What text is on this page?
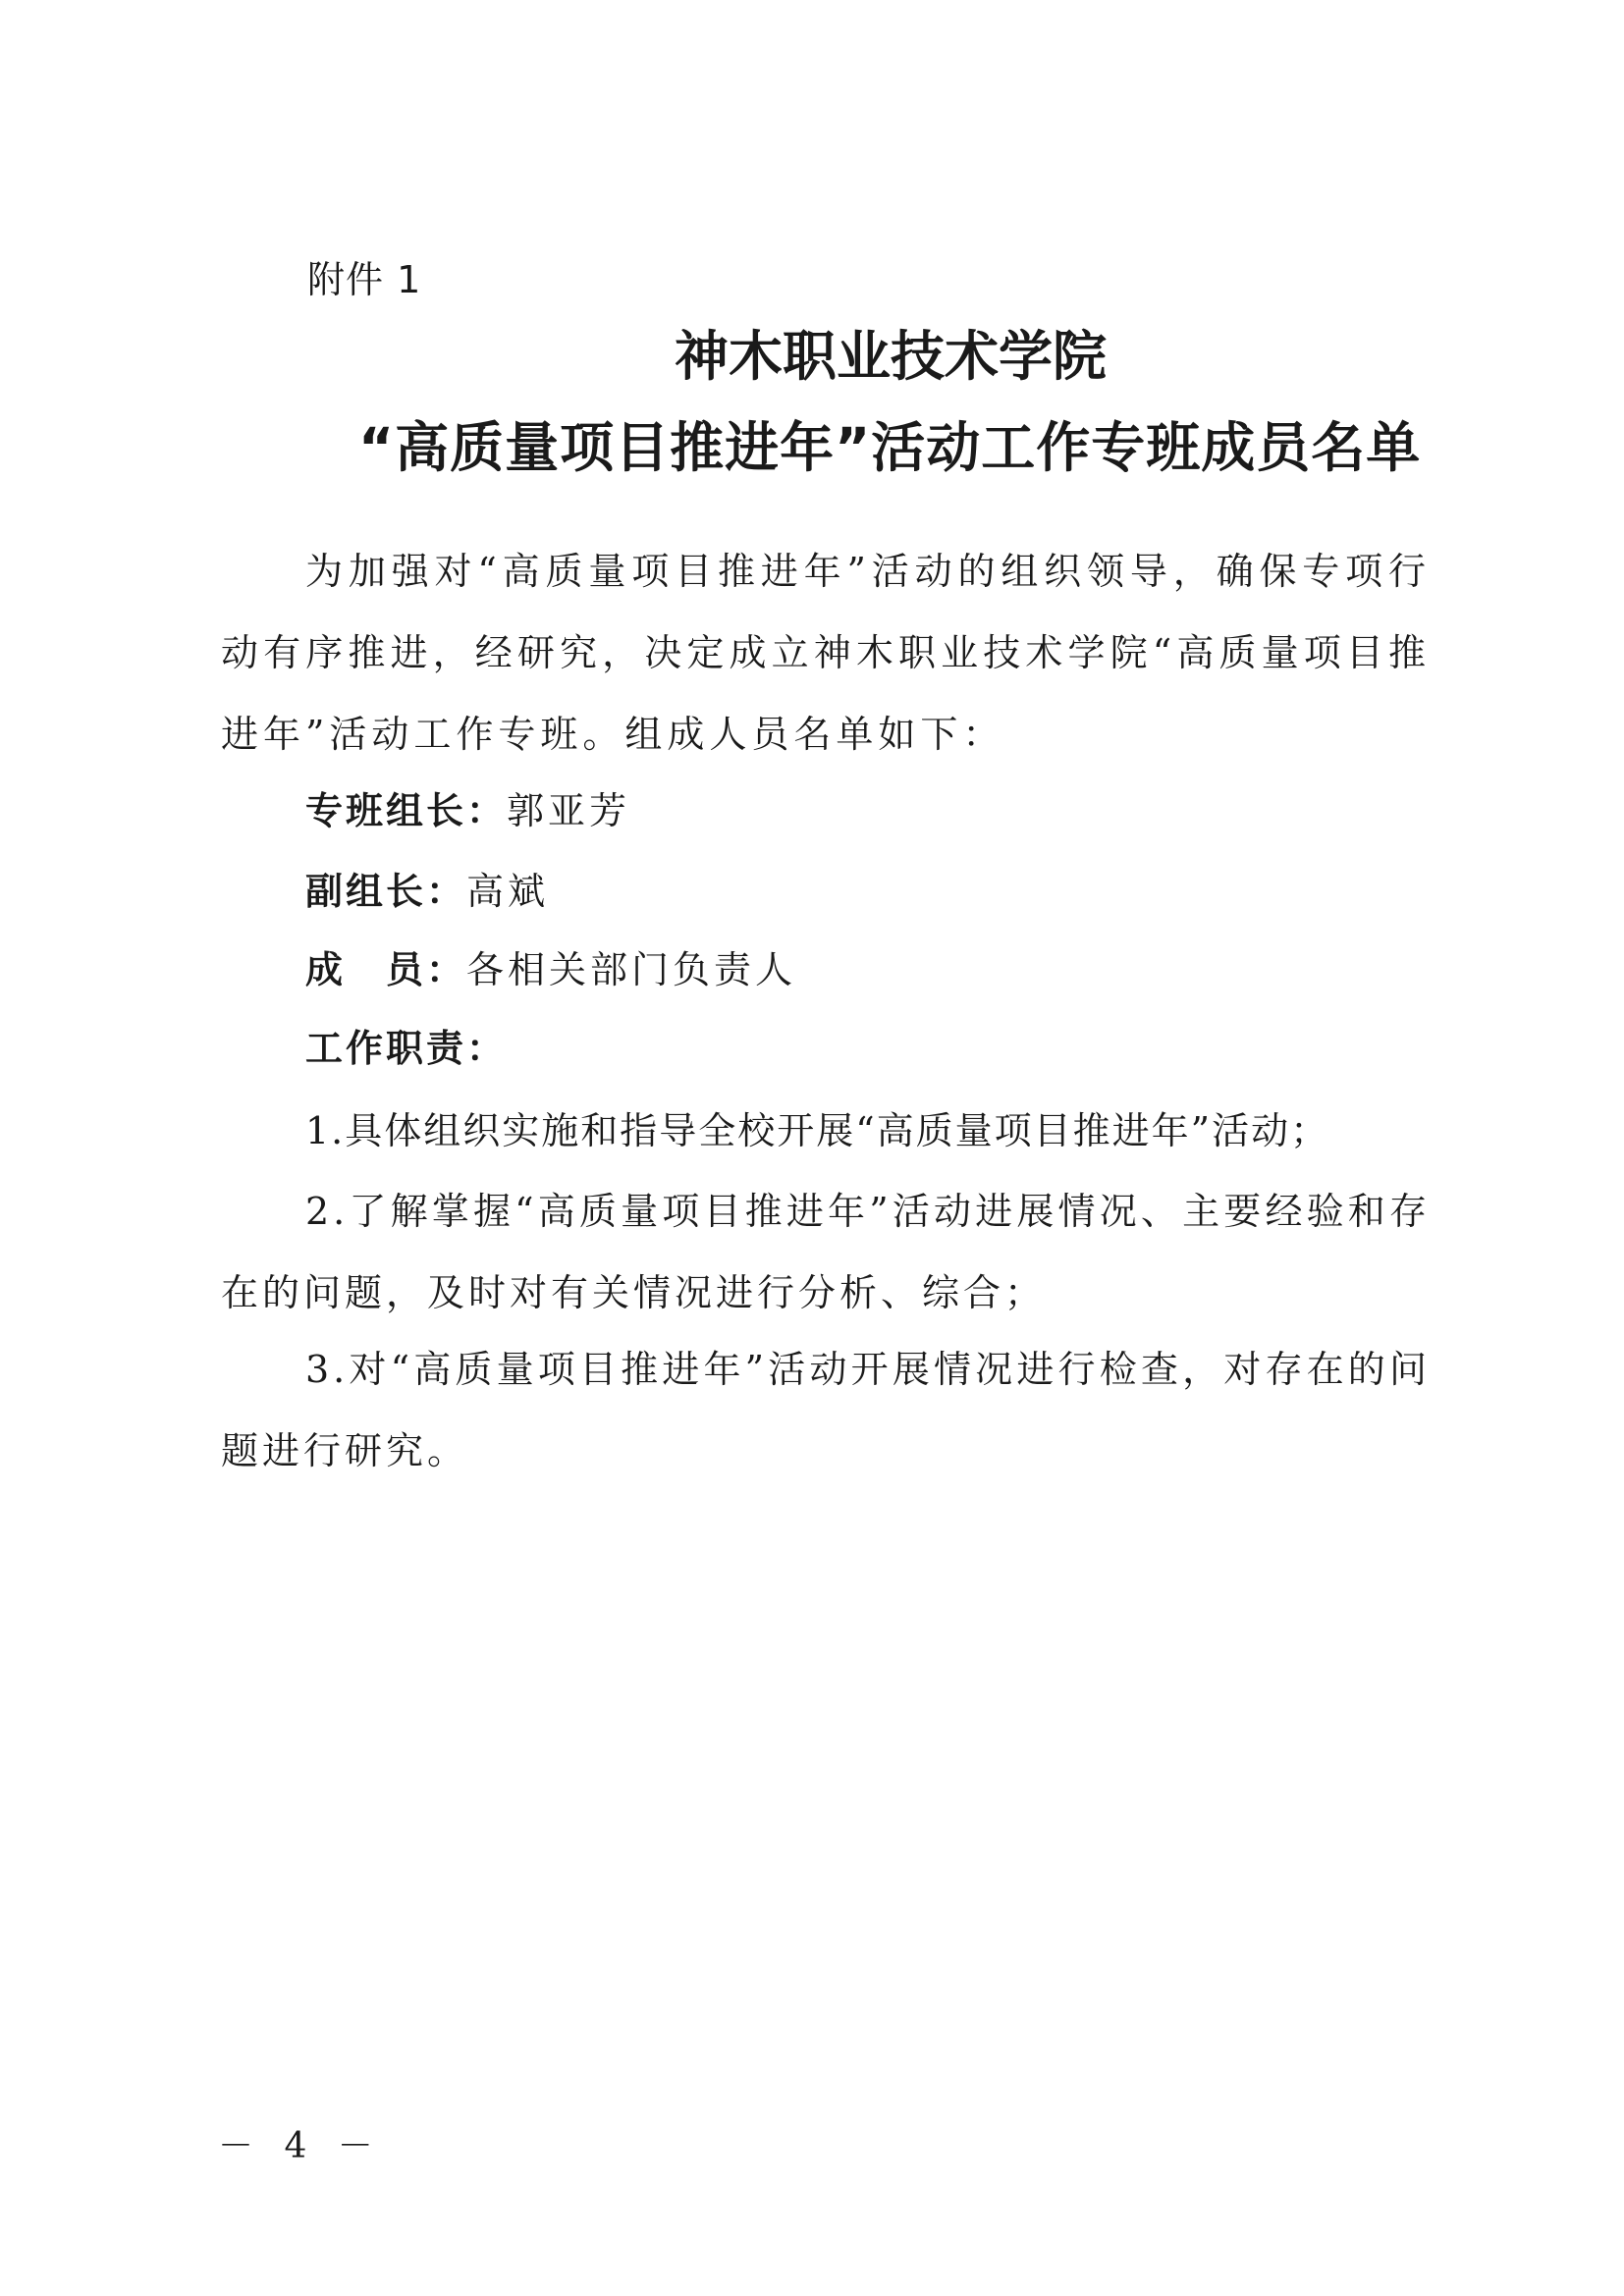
附件 1
神木职业技术学院
“高质量项目推进年”活动工作专班成员名单
为加强对“高质量项目推进年”活动的组织领导，确保专项行动有序推进，经研究，决定成立神木职业技术学院“高质量项目推进年”活动工作专班。组成人员名单如下：
专班组长：郭亚芳
副组长：高斌
成　员：各相关部门负责人
工作职责：
1.具体组织实施和指导全校开展“高质量项目推进年”活动；
2.了解掌握“高质量项目推进年”活动进展情况、主要经验和存在的问题，及时对有关情况进行分析、综合；
3.对“高质量项目推进年”活动开展情况进行检查，对存在的问题进行研究。
－ 4 －
